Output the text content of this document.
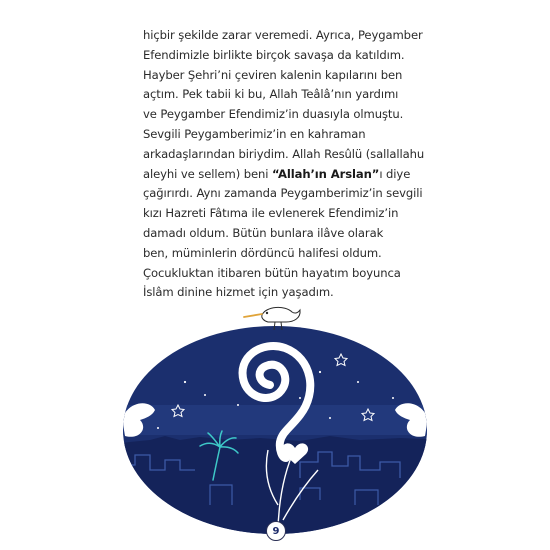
hiçbir şekilde zarar veremedi. Ayrıca, Peygamber
Efendimizle birlikte birçok savaşa da katıldım.
Hayber Şehri’ni çeviren kalenin kapılarını ben
açtım. Pek tabii ki bu, Allah Teâlâ’nın yardımı
ve Peygamber Efendimiz’in duasıyla olmuştu.
Sevgili Peygamberimiz’in en kahraman
arkadaşlarından biriydim. Allah Resûlü (sallallahu
aleyhi ve sellem) beni “Allah’ın Arslan”ı diye
çağırırdı. Aynı zamanda Peygamberimiz’in sevgili
kızı Hazreti Fâtıma ile evlenerek Efendimiz’in
damadı oldum. Bütün bunlara ilâve olarak
ben, müminlerin dördüncü halifesi oldum.
Çocukluktan itibaren bütün hayatım boyunca
İslâm dinine hizmet için yaşadım.
9
